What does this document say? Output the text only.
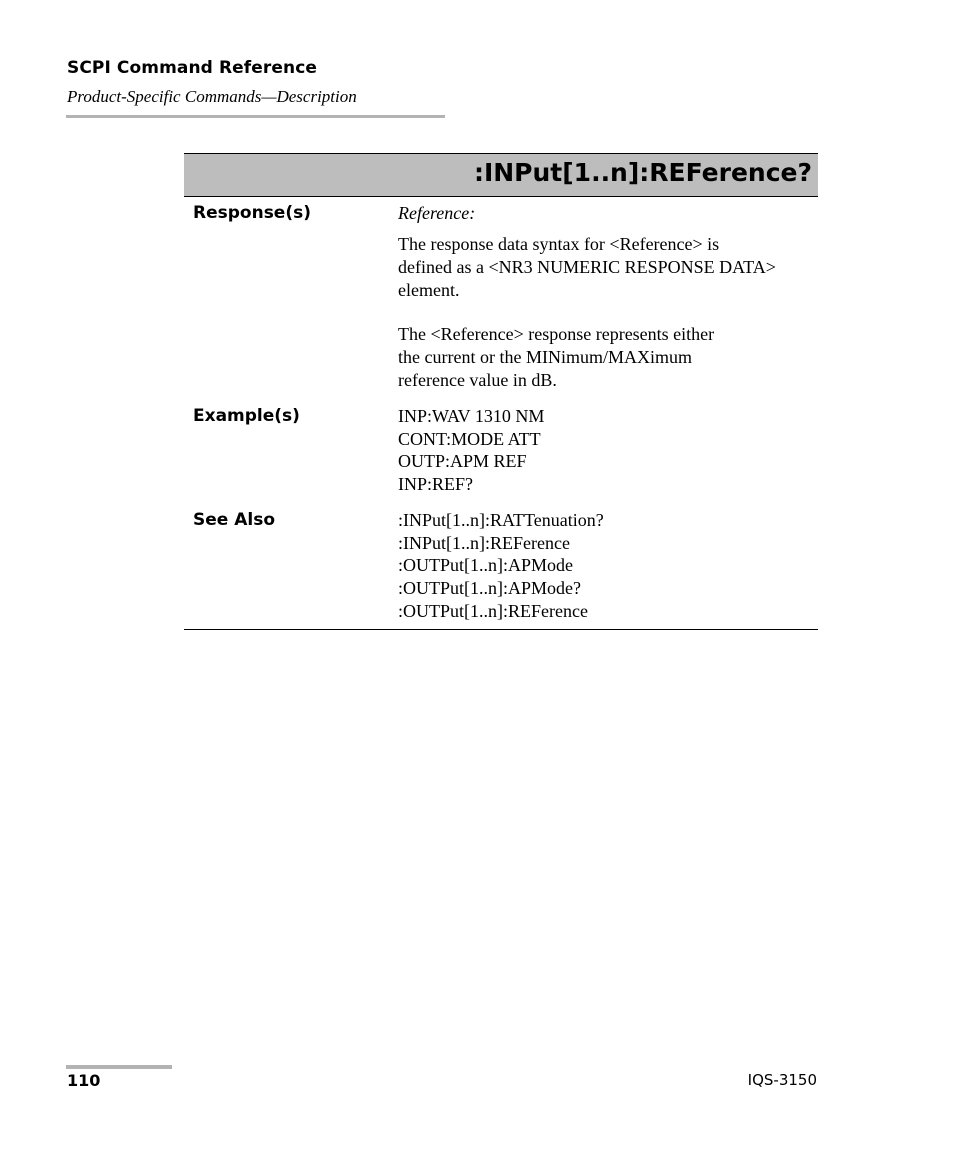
SCPI Command Reference
Product-Specific Commands—Description
:INPut[1..n]:REFerence?
Response(s)	Reference:
The response data syntax for <Reference> is
defined as a <NR3 NUMERIC RESPONSE DATA>
element.
The <Reference> response represents either
the current or the MINimum/MAXimum
reference value in dB.
Example(s)	INP:WAV 1310 NM
CONT:MODE ATT
OUTP:APM REF
INP:REF?
See Also	:INPut[1..n]:RATTenuation?
:INPut[1..n]:REFerence
:OUTPut[1..n]:APMode
:OUTPut[1..n]:APMode?
:OUTPut[1..n]:REFerence
110	IQS-3150
